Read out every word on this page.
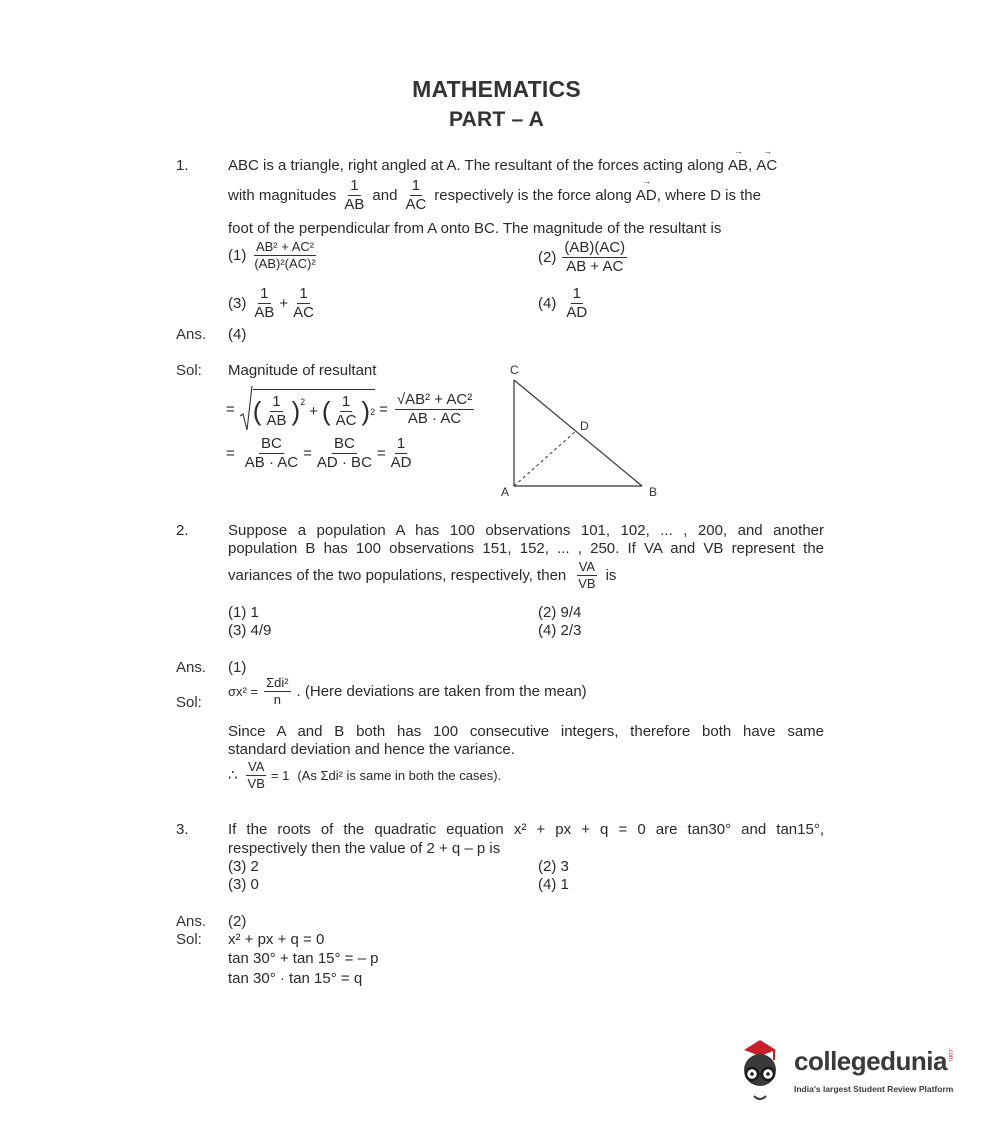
MATHEMATICS
PART – A
1.	ABC is a triangle, right angled at A. The resultant of the forces acting along → AB, → AC
with magnitudes $\frac{1}{AB}$ and $\frac{1}{AC}$ respectively is the force along → AD , where D is the
foot of the perpendicular from A onto BC. The magnitude of the resultant is
$(1) \frac{\text{AB² + AC²}}{\text{(AB)²(AC)²}}$	$(2) \frac{(AB)(AC)}{AB + AC}$
$(3) \frac{1}{AB} + \frac{1}{AC}$	$(4) \frac{1}{AD}$
Ans. (4)
Sol: Magnitude of resultant
= ( $\frac{1}{AB}$ ) 2
+ ( $\frac{1}{AC}$ ) $2 = \frac{\text{√AB² + AC²}}{AB \cdot AC}$
= $\frac{BC}{AB \cdot AC} = \frac{BC}{AD \cdot BC} = \frac{1}{AD}$
C
D
A	B
2.	Suppose a population A has 100 observations 101, 102, ... , 200, and another
population B has 100 observations 151, 152, ... , 250. If VA and VB represent the
variances of the two populations, respectively, then $\frac{VA}{VB}$ is
(1) 1	(2) 9/4
(3) 4/9	(4) 2/3
Ans. (1)
Sol:
$\sigma x^2 = \frac{\text{Σdi²}}{n}$ . (Here deviations are taken from the mean)
Since A and B both has 100 consecutive integers, therefore both have same
standard deviation and hence the variance.
∴ $\frac{VA}{VB} = 1$ (As Σdi² is same in both the cases).
3.	If the roots of the quadratic equation x² + px + q = 0 are tan30° and tan15°,
respectively then the value of 2 + q – p is
(3) 2	(2) 3
(3) 0	(4) 1
Ans. (2)
Sol: x² + px + q = 0
tan 30° + tan 15° = – p
tan 30° · tan 15° = q
collegedunia .com
India's largest Student Review Platform
